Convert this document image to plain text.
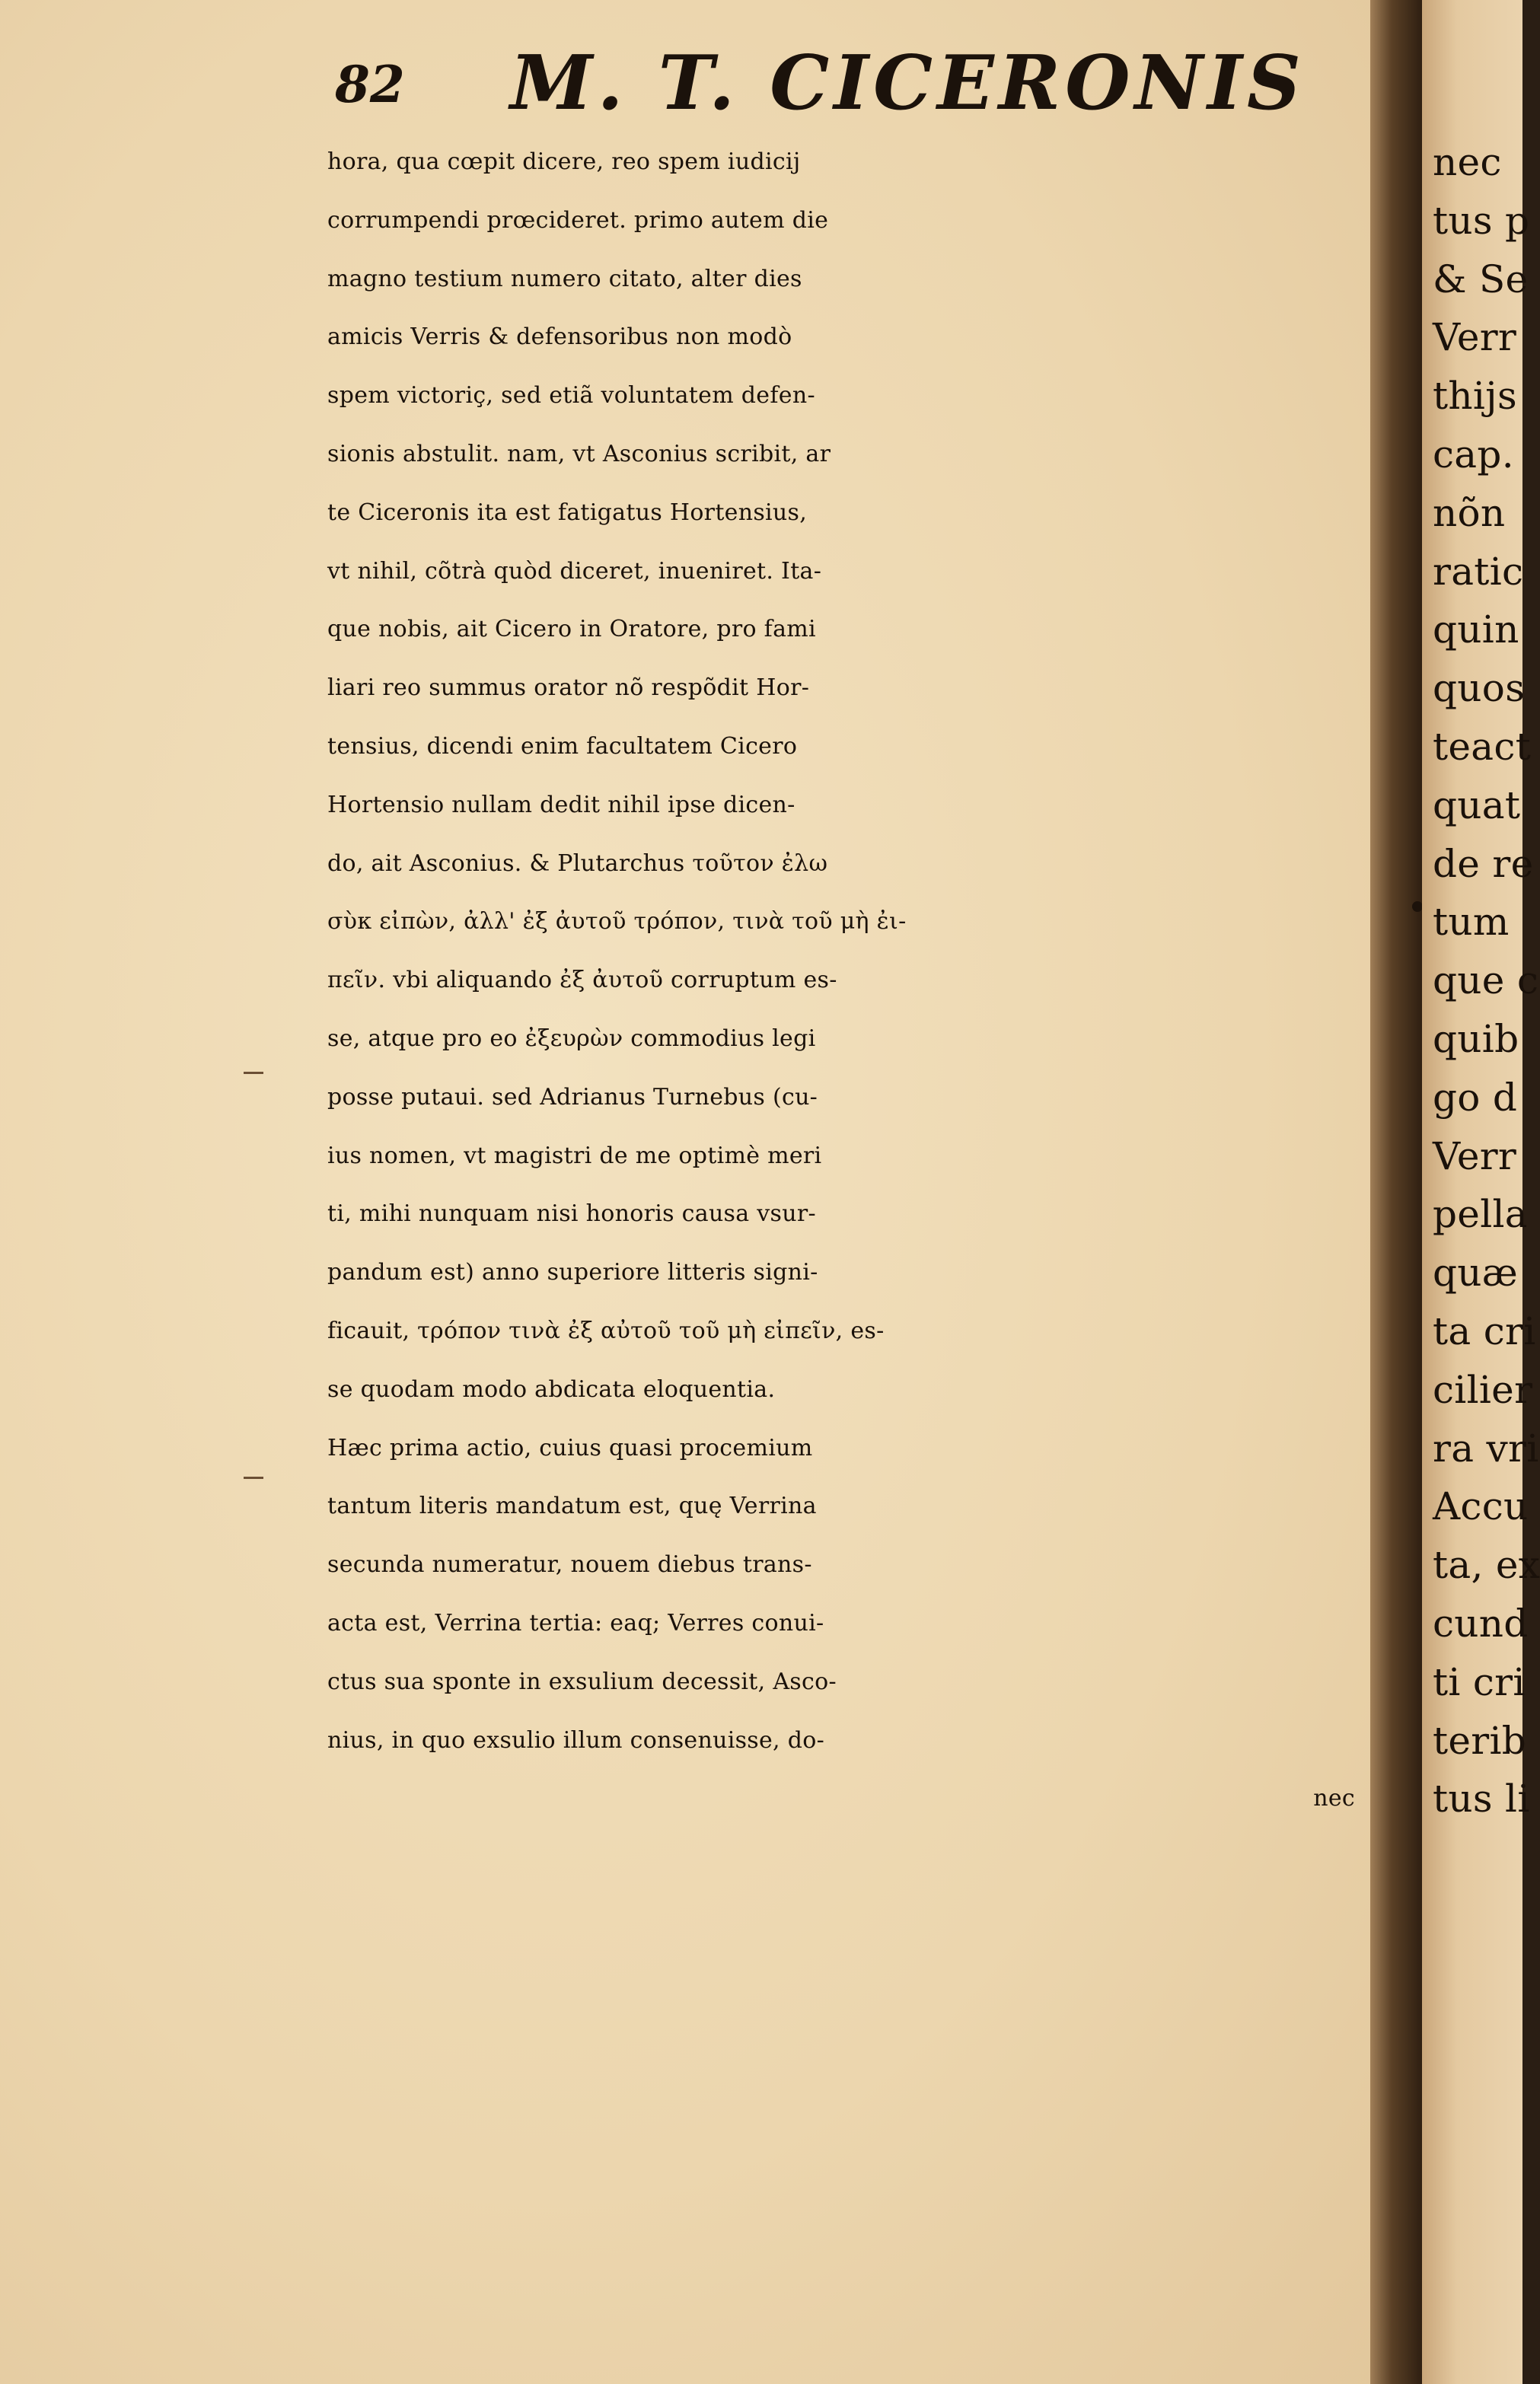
82 M. T. CICERONIS
hora, qua cœpit dicere, reo spem iudicij
corrumpendi prœcideret. primo autem die
magno testium numero citato, alter dies
amicis Verris & defensoribus non modò
spem victoriç, sed etiã voluntatem defen-
sionis abstulit. nam, vt Asconius scribit, ar
te Ciceronis ita est fatigatus Hortensius,
vt nihil, cõtrà quòd diceret, inueniret. Ita-
que nobis, ait Cicero in Oratore, pro fami
liari reo summus orator nõ respõdit Hor-
tensius, dicendi enim facultatem Cicero
Hortensio nullam dedit nihil ipse dicen-
do, ait Asconius. & Plutarchus τοῦτον ἐλω
σὺκ εἰπὼν, ἀλλ' ἐξ ἀυτοῦ τρόπον, τινὰ τοῦ μὴ ἐι-
πεῖν. vbi aliquando ἐξ ἀυτοῦ corruptum es-
se, atque pro eo ἐξευρὼν commodius legi
posse putaui. sed Adrianus Turnebus (cu-
ius nomen, vt magistri de me optimè meri
ti, mihi nunquam nisi honoris causa vsur-
pandum est) anno superiore litteris signi-
ficauit, τρόπον τινὰ ἐξ αὐτοῦ τοῦ μὴ εἰπεῖν, es-
se quodam modo abdicata eloquentia.
Hæc prima actio, cuius quasi procemium
tantum literis mandatum est, quę Verrina
secunda numeratur, nouem diebus trans-
acta est, Verrina tertia: eaq; Verres conui-
ctus sua sponte in exsulium decessit, Asco-
nius, in quo exsulio illum consenuisse, do-
nec
nec
tus p
& Se
Verr
thijs
cap.
nõn
ratic
quin
quos
teact
quat
de re
tum
que c
quib
go d
Verr
pella
quæ
ta cri
cilier
ra vri
Accu
ta, ex
cund
ti cri
terib
tus li
